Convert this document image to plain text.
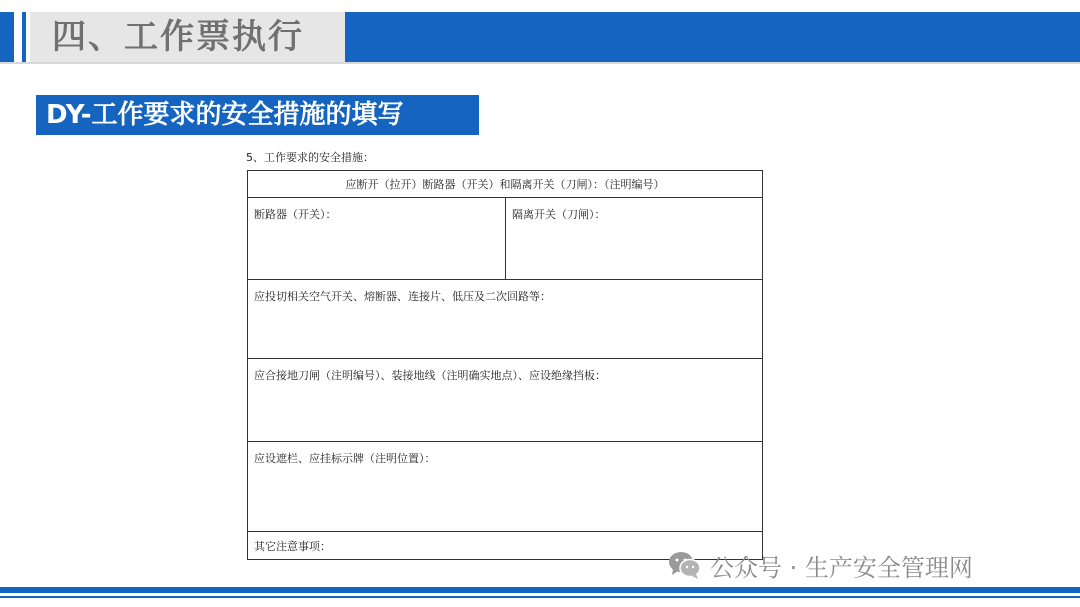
四、工作票执行
DY-工作要求的安全措施的填写
5、工作要求的安全措施：
应断开（拉开）断路器（开关）和隔离开关（刀闸）：（注明编号）
断路器（开关）：	隔离开关（刀闸）：
应投切相关空气开关、熔断器、连接片、低压及二次回路等：
应合接地刀闸（注明编号）、装接地线（注明确实地点）、应设绝缘挡板：
应设遮栏、应挂标示牌（注明位置）：
其它注意事项：
公众号 · 生产安全管理网
